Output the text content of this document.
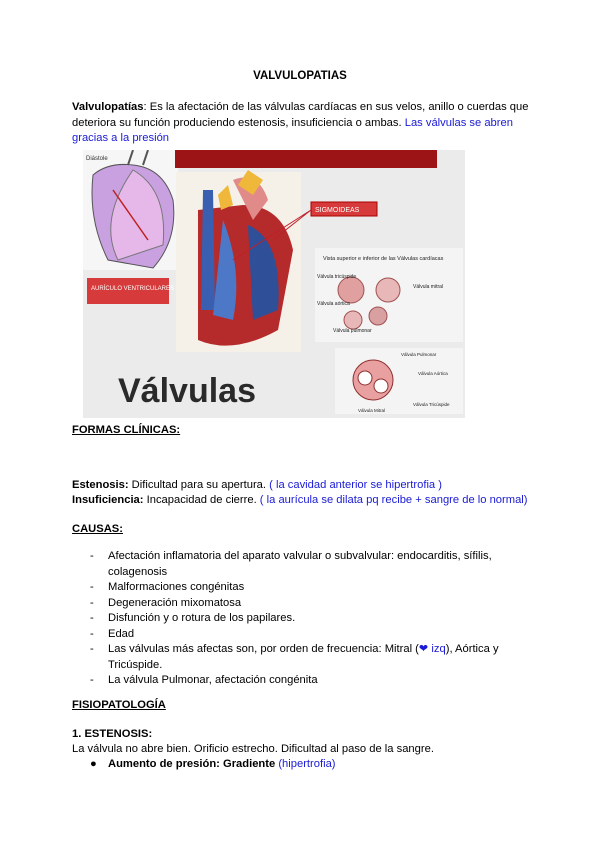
VALVULOPATIAS
Valvulopatías: Es la afectación de las válvulas cardíacas en sus velos, anillo o cuerdas que deteriora su función produciendo estenosis, insuficiencia o ambas. Las válvulas se abren gracias a la presión
Diástole
AURÍCULO VENTRICULARES
SIGMOIDEAS
Vista superior e inferior de las Válvulas cardíacas
Válvula tricúspide
Válvula mitral
Válvula aórtica
Válvula pulmonar
Válvula Pulmonar
Válvula Aórtica
Válvula Mitral
Válvula Tricúspide
Válvulas
FORMAS CLÍNICAS:
Estenosis: Dificultad para su apertura. ( la cavidad anterior se hipertrofia )
Insuficiencia: Incapacidad de cierre. ( la aurícula se dilata pq recibe + sangre de lo normal)
CAUSAS:
- Afectación inflamatoria del aparato valvular o subvalvular: endocarditis, sífilis, colagenosis
- Malformaciones congénitas
- Degeneración mixomatosa
- Disfunción y o rotura de los papilares.
- Edad
- Las válvulas más afectas son, por orden de frecuencia: Mitral (❤ izq), Aórtica y Tricúspide.
- La válvula Pulmonar, afectación congénita
FISIOPATOLOGÍA
1. ESTENOSIS:
La válvula no abre bien. Orificio estrecho. Dificultad al paso de la sangre.
● Aumento de presión: Gradiente (hipertrofia)
